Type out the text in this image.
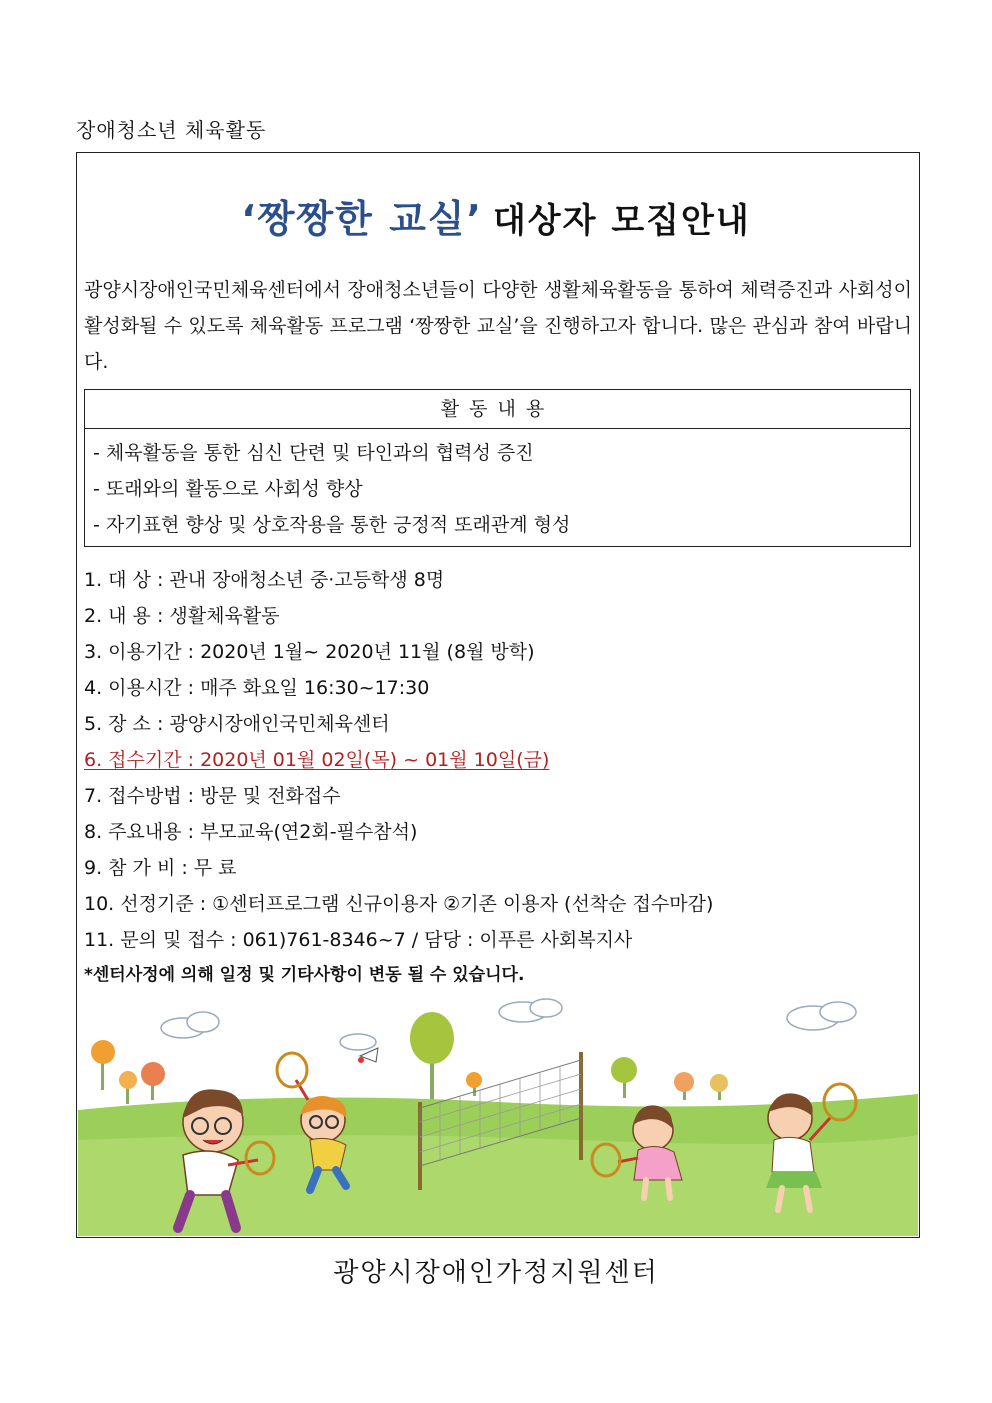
장애청소년 체육활동
‘짱짱한 교실’ 대상자 모집안내
광양시장애인국민체육센터에서 장애청소년들이 다양한 생활체육활동을 통하여 체력증진과 사회성이 활성화될 수 있도록 체육활동 프로그램 ‘짱짱한 교실’을 진행하고자 합니다. 많은 관심과 참여 바랍니다.
활동내용
- 체육활동을 통한 심신 단련 및 타인과의 협력성 증진
- 또래와의 활동으로 사회성 향상
- 자기표현 향상 및 상호작용을 통한 긍정적 또래관계 형성
1. 대 상 : 관내 장애청소년 중·고등학생 8명
2. 내 용 : 생활체육활동
3. 이용기간 : 2020년 1월~ 2020년 11월 (8월 방학)
4. 이용시간 : 매주 화요일 16:30~17:30
5. 장 소 : 광양시장애인국민체육센터
6. 접수기간 : 2020년 01월 02일(목) ~ 01월 10일(금)
7. 접수방법 : 방문 및 전화접수
8. 주요내용 : 부모교육(연2회-필수참석)
9. 참 가 비 : 무 료
10. 선정기준 : ①센터프로그램 신규이용자 ②기존 이용자 (선착순 접수마감)
11. 문의 및 접수 : 061)761-8346~7 / 담당 : 이푸른 사회복지사
*센터사정에 의해 일정 및 기타사항이 변동 될 수 있습니다.
광양시장애인가정지원센터
